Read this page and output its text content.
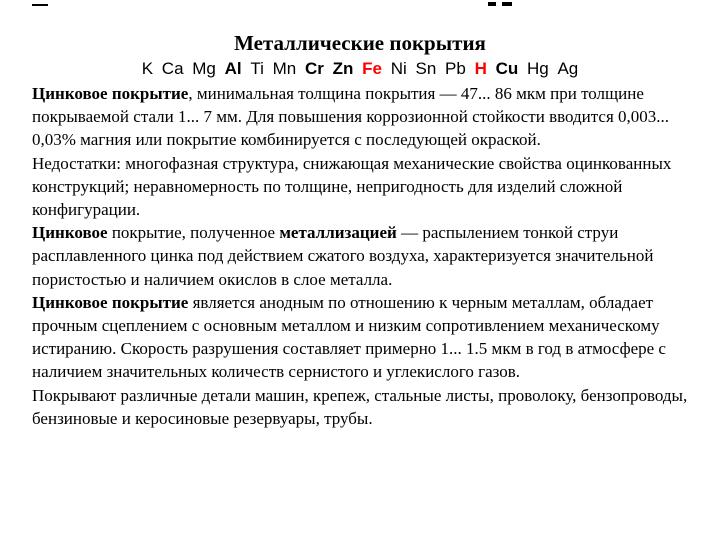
Металлические покрытия
K Ca Mg Al Ti Mn Cr Zn Fe Ni Sn Pb H Cu Hg Ag

Цинковое покрытие, минимальная толщина покрытия — 47... 86 мкм при толщине покрываемой стали 1... 7 мм. Для повышения коррозионной стойкости вводится 0,003... 0,03% магния или покрытие комбинируется с последующей окраской.

Недостатки: многофазная структура, снижающая механические свойства оцинкованных конструкций; неравномерность по толщине, непригодность для изделий сложной конфигурации.

Цинковое покрытие, полученное металлизацией — распылением тонкой струи расплавленного цинка под действием сжатого воздуха, характеризуется значительной пористостью и наличием окислов в слое металла.

Цинковое покрытие является анодным по отношению к черным металлам, обладает прочным сцеплением с основным металлом и низким сопротивлением механическому истиранию. Скорость разрушения составляет примерно 1... 1.5 мкм в год в атмосфере с наличием значительных количеств сернистого и углекислого газов.

Покрывают различные детали машин, крепеж, стальные листы, проволоку, бензопроводы, бензиновые и керосиновые резервуары, трубы.
